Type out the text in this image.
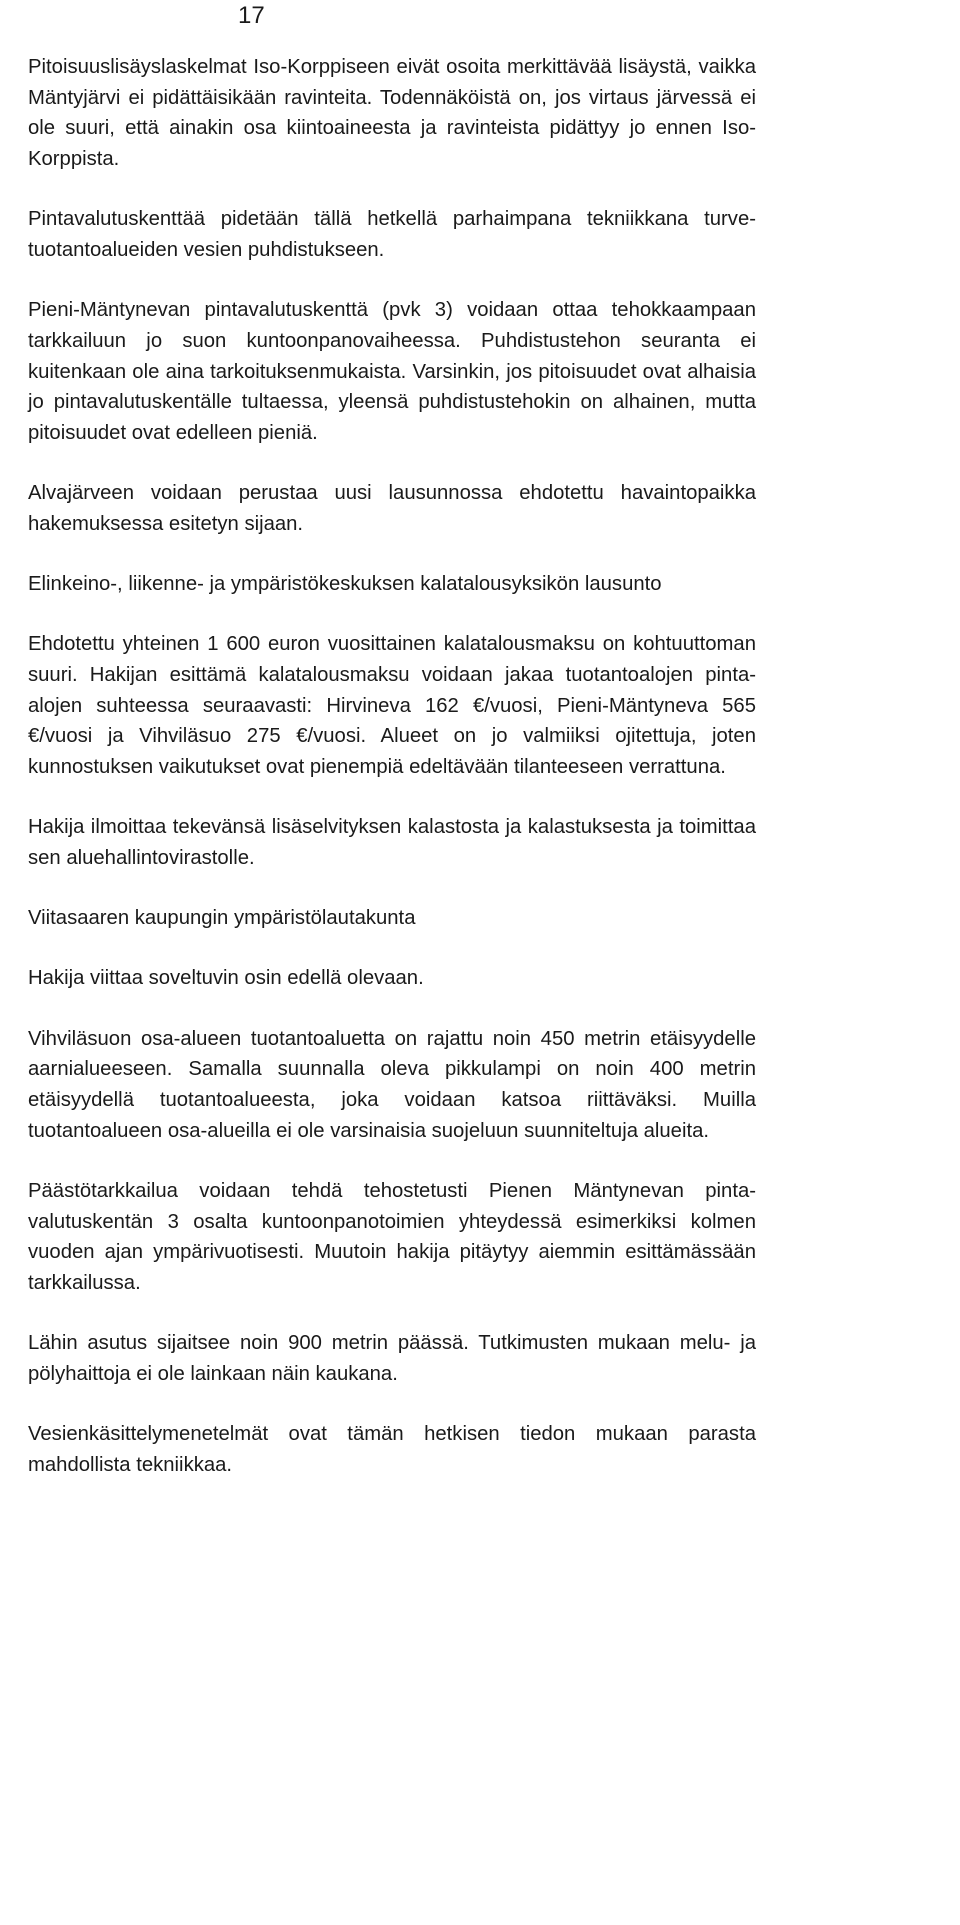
17

Pitoisuuslisäyslaskelmat Iso-Korppiseen eivät osoita merkittävää lisäystä, vaikka Mäntyjärvi ei pidättäisikään ravinteita. Todennäköistä on, jos virtaus järvessä ei ole suuri, että ainakin osa kiintoaineesta ja ravinteista pidättyy jo ennen Iso-Korppista.

Pintavalutuskenttää pidetään tällä hetkellä parhaimpana tekniikkana turvetuotantoalueiden vesien puhdistukseen.

Pieni-Mäntynevan pintavalutuskenttä (pvk 3) voidaan ottaa tehokkaampaan tarkkailuun jo suon kuntoonpanovaiheessa. Puhdistustehon seuranta ei kuitenkaan ole aina tarkoituksenmukaista. Varsinkin, jos pitoisuudet ovat alhaisia jo pintavalutuskentälle tultaessa, yleensä puhdistustehokin on alhainen, mutta pitoisuudet ovat edelleen pieniä.

Alvajärveen voidaan perustaa uusi lausunnossa ehdotettu havaintopaikka hakemuksessa esitetyn sijaan.

Elinkeino-, liikenne- ja ympäristökeskuksen kalatalousyksikön lausunto

Ehdotettu yhteinen 1 600 euron vuosittainen kalatalousmaksu on kohtuuttoman suuri. Hakijan esittämä kalatalousmaksu voidaan jakaa tuotantoalojen pinta-alojen suhteessa seuraavasti: Hirvineva 162 €/vuosi, Pieni-Mäntyneva 565 €/vuosi ja Vihviläsuo 275 €/vuosi. Alueet on jo valmiiksi ojitettuja, joten kunnostuksen vaikutukset ovat pienempiä edeltävään tilanteeseen verrattuna.

Hakija ilmoittaa tekevänsä lisäselvityksen kalastosta ja kalastuksesta ja toimittaa sen aluehallintovirastolle.

Viitasaaren kaupungin ympäristölautakunta

Hakija viittaa soveltuvin osin edellä olevaan.

Vihviläsuon osa-alueen tuotantoaluetta on rajattu noin 450 metrin etäisyydelle aarnialueeseen. Samalla suunnalla oleva pikkulampi on noin 400 metrin etäisyydellä tuotantoalueesta, joka voidaan katsoa riittäväksi. Muilla tuotantoalueen osa-alueilla ei ole varsinaisia suojeluun suunniteltuja alueita.

Päästötarkkailua voidaan tehdä tehostetusti Pienen Mäntynevan pintavalutuskentän 3 osalta kuntoonpanotoimien yhteydessä esimerkiksi kolmen vuoden ajan ympärivuotisesti. Muutoin hakija pitäytyy aiemmin esittämässään tarkkailussa.

Lähin asutus sijaitsee noin 900 metrin päässä. Tutkimusten mukaan melu- ja pölyhaittoja ei ole lainkaan näin kaukana.

Vesienkäsittelymenetelmät ovat tämän hetkisen tiedon mukaan parasta mahdollista tekniikkaa.
